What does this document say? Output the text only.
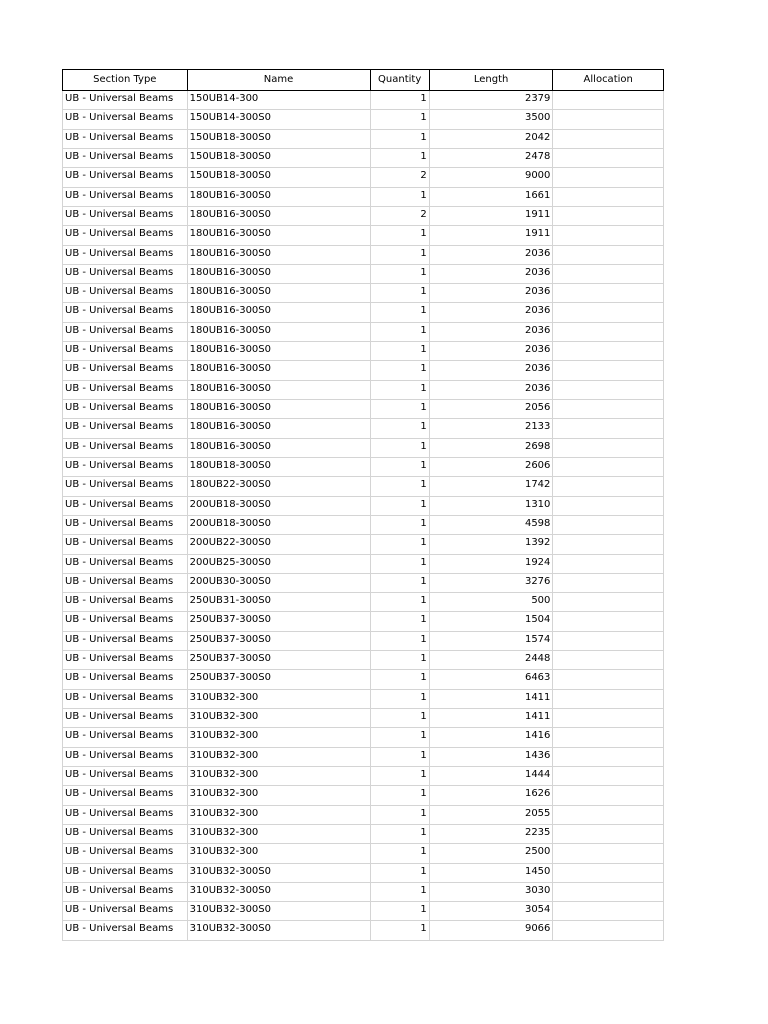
Section Type	Name	Quantity	Length	Allocation
UB - Universal Beams	150UB14-300	1	2379	
UB - Universal Beams	150UB14-300S0	1	3500	
UB - Universal Beams	150UB18-300S0	1	2042	
UB - Universal Beams	150UB18-300S0	1	2478	
UB - Universal Beams	150UB18-300S0	2	9000	
UB - Universal Beams	180UB16-300S0	1	1661	
UB - Universal Beams	180UB16-300S0	2	1911	
UB - Universal Beams	180UB16-300S0	1	1911	
UB - Universal Beams	180UB16-300S0	1	2036	
UB - Universal Beams	180UB16-300S0	1	2036	
UB - Universal Beams	180UB16-300S0	1	2036	
UB - Universal Beams	180UB16-300S0	1	2036	
UB - Universal Beams	180UB16-300S0	1	2036	
UB - Universal Beams	180UB16-300S0	1	2036	
UB - Universal Beams	180UB16-300S0	1	2036	
UB - Universal Beams	180UB16-300S0	1	2036	
UB - Universal Beams	180UB16-300S0	1	2056	
UB - Universal Beams	180UB16-300S0	1	2133	
UB - Universal Beams	180UB16-300S0	1	2698	
UB - Universal Beams	180UB18-300S0	1	2606	
UB - Universal Beams	180UB22-300S0	1	1742	
UB - Universal Beams	200UB18-300S0	1	1310	
UB - Universal Beams	200UB18-300S0	1	4598	
UB - Universal Beams	200UB22-300S0	1	1392	
UB - Universal Beams	200UB25-300S0	1	1924	
UB - Universal Beams	200UB30-300S0	1	3276	
UB - Universal Beams	250UB31-300S0	1	500	
UB - Universal Beams	250UB37-300S0	1	1504	
UB - Universal Beams	250UB37-300S0	1	1574	
UB - Universal Beams	250UB37-300S0	1	2448	
UB - Universal Beams	250UB37-300S0	1	6463	
UB - Universal Beams	310UB32-300	1	1411	
UB - Universal Beams	310UB32-300	1	1411	
UB - Universal Beams	310UB32-300	1	1416	
UB - Universal Beams	310UB32-300	1	1436	
UB - Universal Beams	310UB32-300	1	1444	
UB - Universal Beams	310UB32-300	1	1626	
UB - Universal Beams	310UB32-300	1	2055	
UB - Universal Beams	310UB32-300	1	2235	
UB - Universal Beams	310UB32-300	1	2500	
UB - Universal Beams	310UB32-300S0	1	1450	
UB - Universal Beams	310UB32-300S0	1	3030	
UB - Universal Beams	310UB32-300S0	1	3054	
UB - Universal Beams	310UB32-300S0	1	9066	
